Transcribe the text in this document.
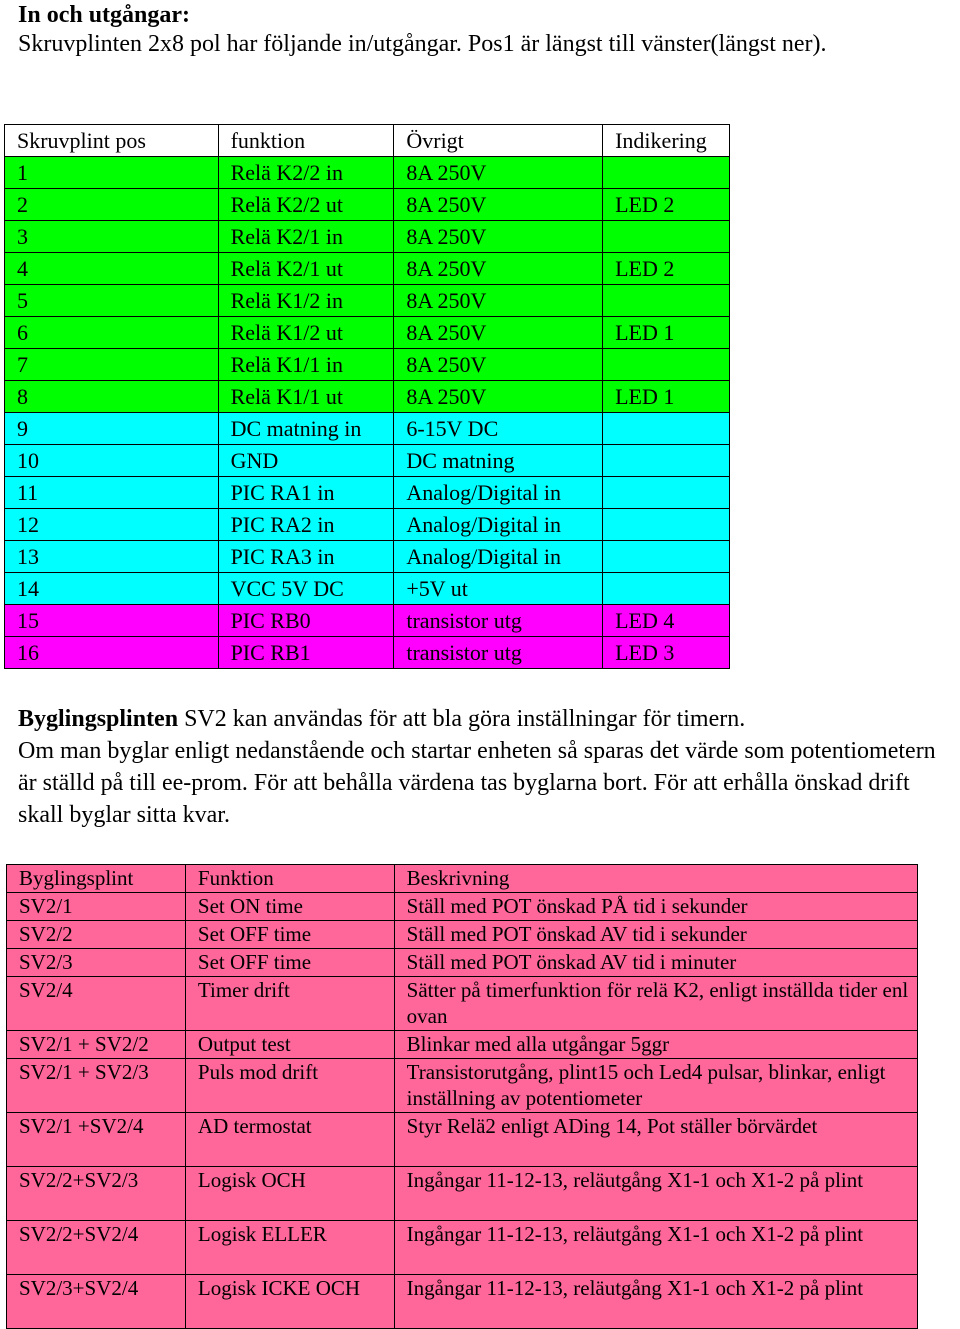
In och utgångar:
Skruvplinten 2x8 pol har följande in/utgångar. Pos1 är längst till vänster(längst ner).
Skruvplint pos	funktion	Övrigt	Indikering
1	Relä K2/2 in	8A 250V	
2	Relä K2/2 ut	8A 250V	LED 2
3	Relä K2/1 in	8A 250V	
4	Relä K2/1 ut	8A 250V	LED 2
5	Relä K1/2 in	8A 250V	
6	Relä K1/2 ut	8A 250V	LED 1
7	Relä K1/1 in	8A 250V	
8	Relä K1/1 ut	8A 250V	LED 1
9	DC matning in	6-15V DC	
10	GND	DC matning	
11	PIC RA1 in	Analog/Digital in	
12	PIC RA2 in	Analog/Digital in	
13	PIC RA3 in	Analog/Digital in	
14	VCC 5V DC	+5V ut	
15	PIC RB0	transistor utg	LED 4
16	PIC RB1	transistor utg	LED 3

Byglingsplinten SV2 kan användas för att bla göra inställningar för timern.

Om man byglar enligt nedanstående och startar enheten så sparas det värde som potentiometern är ställd på till ee-prom. För att behålla värdena tas byglarna bort. För att erhålla önskad drift skall byglar sitta kvar.

Byglingsplint	Funktion	Beskrivning
SV2/1	Set ON time	Ställ med POT önskad PÅ tid i sekunder
SV2/2	Set OFF time	Ställ med POT önskad AV tid i sekunder
SV2/3	Set OFF time	Ställ med POT önskad AV tid i minuter
SV2/4	Timer drift	Sätter på timerfunktion för relä K2, enligt inställda tider enl ovan
SV2/1 + SV2/2	Output test	Blinkar med alla utgångar 5ggr
SV2/1 + SV2/3	Puls mod drift	Transistorutgång, plint15 och Led4 pulsar, blinkar, enligt inställning av potentiometer
SV2/1 +SV2/4	AD termostat	Styr Relä2 enligt ADing 14, Pot ställer börvärdet
SV2/2+SV2/3	Logisk OCH	Ingångar 11-12-13, reläutgång X1-1 och X1-2 på plint
SV2/2+SV2/4	Logisk ELLER	Ingångar 11-12-13, reläutgång X1-1 och X1-2 på plint
SV2/3+SV2/4	Logisk ICKE OCH	Ingångar 11-12-13, reläutgång X1-1 och X1-2 på plint
